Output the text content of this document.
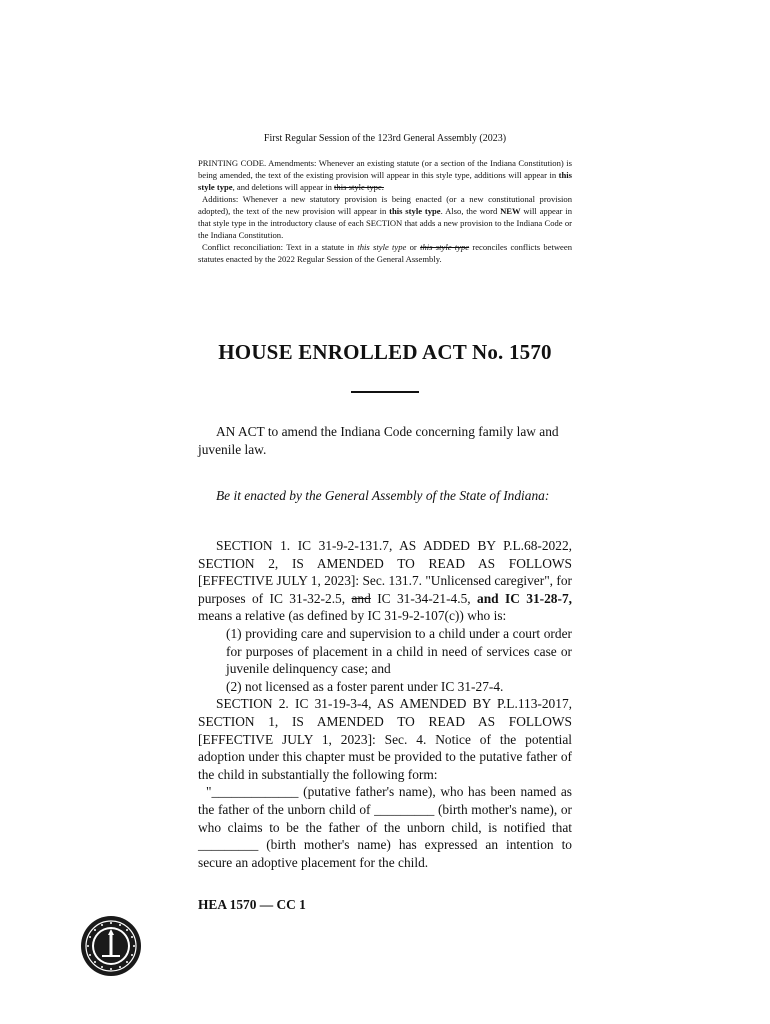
First Regular Session of the 123rd General Assembly (2023)

PRINTING CODE. Amendments: Whenever an existing statute (or a section of the Indiana Constitution) is being amended, the text of the existing provision will appear in this style type, additions will appear in this style type, and deletions will appear in this style type.

Additions: Whenever a new statutory provision is being enacted (or a new constitutional provision adopted), the text of the new provision will appear in this style type. Also, the word NEW will appear in that style type in the introductory clause of each SECTION that adds a new provision to the Indiana Code or the Indiana Constitution.

Conflict reconciliation: Text in a statute in this style type or this style type reconciles conflicts between statutes enacted by the 2022 Regular Session of the General Assembly.

HOUSE ENROLLED ACT No. 1570
AN ACT to amend the Indiana Code concerning family law and juvenile law.
Be it enacted by the General Assembly of the State of Indiana:

SECTION 1. IC 31-9-2-131.7, AS ADDED BY P.L.68-2022, SECTION 2, IS AMENDED TO READ AS FOLLOWS [EFFECTIVE JULY 1, 2023]: Sec. 131.7. "Unlicensed caregiver", for purposes of IC 31-32-2.5, and IC 31-34-21-4.5, and IC 31-28-7, means a relative (as defined by IC 31-9-2-107(c)) who is:

(1) providing care and supervision to a child under a court order for purposes of placement in a child in need of services case or juvenile delinquency case; and

(2) not licensed as a foster parent under IC 31-27-4.

SECTION 2. IC 31-19-3-4, AS AMENDED BY P.L.113-2017, SECTION 1, IS AMENDED TO READ AS FOLLOWS [EFFECTIVE JULY 1, 2023]: Sec. 4. Notice of the potential adoption under this chapter must be provided to the putative father of the child in substantially the following form:

"_____________ (putative father's name), who has been named as the father of the unborn child of _________ (birth mother's name), or who claims to be the father of the unborn child, is notified that _________ (birth mother's name) has expressed an intention to secure an adoptive placement for the child.

HEA 1570 — CC 1
